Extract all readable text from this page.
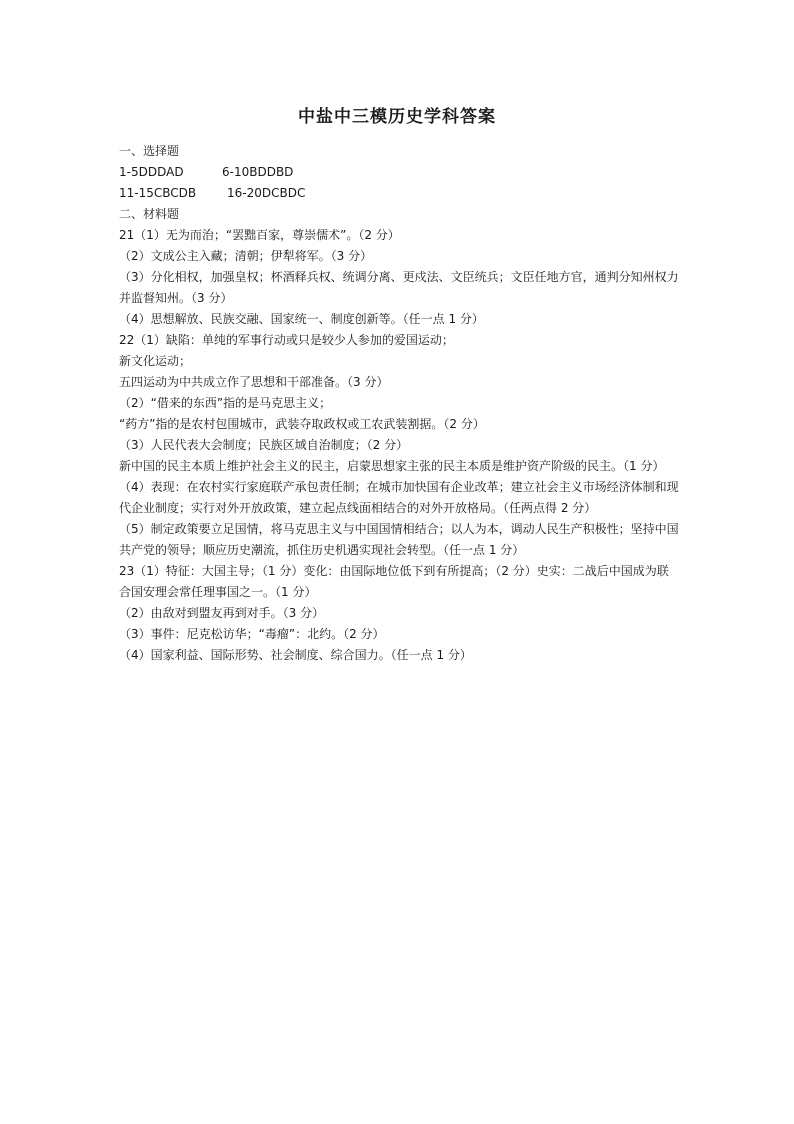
中盐中三模历史学科答案
一、选择题
1-5DDDAD	6-10BDDBD
11-15CBCDB	16-20DCBDC
二、材料题
21（1）无为而治；“罢黜百家，尊崇儒术”。（2 分）
（2）文成公主入藏；清朝；伊犁将军。（3 分）
（3）分化相权，加强皇权；杯酒释兵权、统调分离、更戍法、文臣统兵；文臣任地方官，通判分知州权力并监督知州。（3 分）
（4）思想解放、民族交融、国家统一、制度创新等。（任一点 1 分）
22（1）缺陷：单纯的军事行动或只是较少人参加的爱国运动；
新文化运动；
五四运动为中共成立作了思想和干部准备。（3 分）
（2）“借来的东西”指的是马克思主义；
“药方”指的是农村包围城市，武装夺取政权或工农武装割据。（2 分）
（3）人民代表大会制度；民族区域自治制度；（2 分）
新中国的民主本质上维护社会主义的民主，启蒙思想家主张的民主本质是维护资产阶级的民主。（1 分）
（4）表现：在农村实行家庭联产承包责任制；在城市加快国有企业改革；建立社会主义市场经济体制和现代企业制度；实行对外开放政策，建立起点线面相结合的对外开放格局。（任两点得 2 分）
（5）制定政策要立足国情，将马克思主义与中国国情相结合；以人为本，调动人民生产积极性；坚持中国共产党的领导；顺应历史潮流，抓住历史机遇实现社会转型。（任一点 1 分）
23（1）特征：大国主导；（1 分）变化：由国际地位低下到有所提高；（2 分）史实：二战后中国成为联合国安理会常任理事国之一。（1 分）
（2）由敌对到盟友再到对手。（3 分）
（3）事件：尼克松访华；“毒瘤”：北约。（2 分）
（4）国家利益、国际形势、社会制度、综合国力。（任一点 1 分）
